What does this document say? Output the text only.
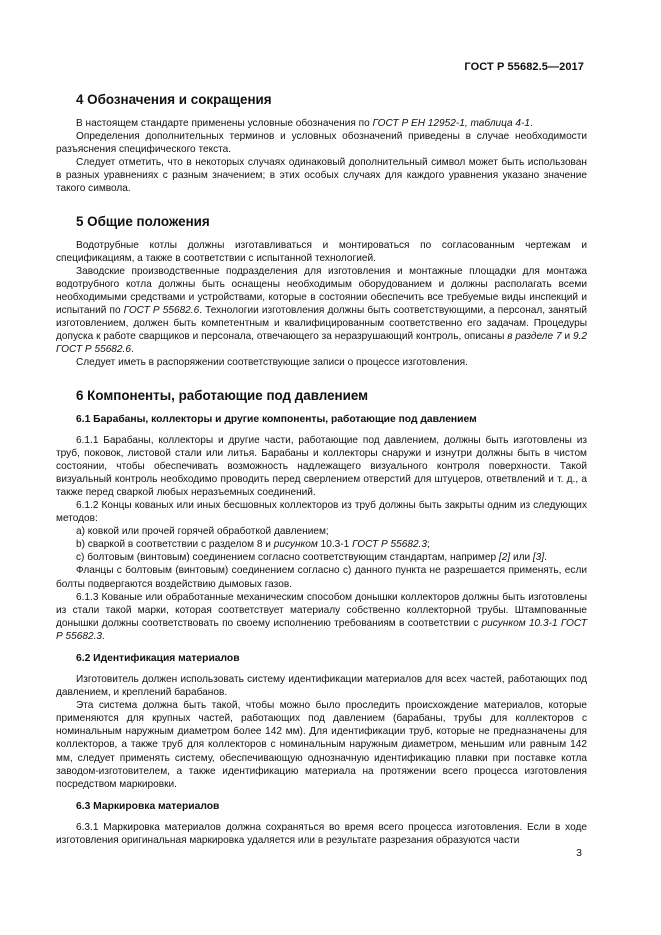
ГОСТ Р 55682.5—2017
4 Обозначения и сокращения

В настоящем стандарте применены условные обозначения по ГОСТ Р ЕН 12952-1, таблица 4-1.

Определения дополнительных терминов и условных обозначений приведены в случае необходимости разъяснения специфического текста.

Следует отметить, что в некоторых случаях одинаковый дополнительный символ может быть использован в разных уравнениях с разным значением; в этих особых случаях для каждого уравнения указано значение такого символа.

5 Общие положения

Водотрубные котлы должны изготавливаться и монтироваться по согласованным чертежам и спецификациям, а также в соответствии с испытанной технологией.

Заводские производственные подразделения для изготовления и монтажные площадки для монтажа водотрубного котла должны быть оснащены необходимым оборудованием и должны располагать всеми необходимыми средствами и устройствами, которые в состоянии обеспечить все требуемые виды инспекций и испытаний по ГОСТ Р 55682.6. Технологии изготовления должны быть соответствующими, а персонал, занятый изготовлением, должен быть компетентным и квалифицированным соответственно его задачам. Процедуры допуска к работе сварщиков и персонала, отвечающего за неразрушающий контроль, описаны в разделе 7 и 9.2 ГОСТ Р 55682.6.

Следует иметь в распоряжении соответствующие записи о процессе изготовления.

6 Компоненты, работающие под давлением
6.1 Барабаны, коллекторы и другие компоненты, работающие под давлением

6.1.1 Барабаны, коллекторы и другие части, работающие под давлением, должны быть изготовлены из труб, поковок, листовой стали или литья. Барабаны и коллекторы снаружи и изнутри должны быть в чистом состоянии, чтобы обеспечивать возможность надлежащего визуального контроля поверхности. Такой визуальный контроль необходимо проводить перед сверлением отверстий для штуцеров, ответвлений и т. д., а также перед сваркой любых неразъемных соединений.

6.1.2 Концы кованых или иных бесшовных коллекторов из труб должны быть закрыты одним из следующих методов:

a) ковкой или прочей горячей обработкой давлением;

b) сваркой в соответствии с разделом 8 и рисунком 10.3-1 ГОСТ Р 55682.3;

c) болтовым (винтовым) соединением согласно соответствующим стандартам, например [2] или [3].

Фланцы с болтовым (винтовым) соединением согласно с) данного пункта не разрешается применять, если болты подвергаются воздействию дымовых газов.

6.1.3 Кованые или обработанные механическим способом донышки коллекторов должны быть изготовлены из стали такой марки, которая соответствует материалу собственно коллекторной трубы. Штампованные донышки должны соответствовать по своему исполнению требованиям в соответствии с рисунком 10.3-1 ГОСТ Р 55682.3.

6.2 Идентификация материалов

Изготовитель должен использовать систему идентификации материалов для всех частей, работающих под давлением, и креплений барабанов.

Эта система должна быть такой, чтобы можно было проследить происхождение материалов, которые применяются для крупных частей, работающих под давлением (барабаны, трубы для коллекторов с номинальным наружным диаметром более 142 мм). Для идентификации труб, которые не предназначены для коллекторов, а также труб для коллекторов с номинальным наружным диаметром, меньшим или равным 142 мм, следует применять систему, обеспечивающую однозначную идентификацию плавки при поставке котла заводом-изготовителем, а также идентификацию материала на протяжении всего процесса изготовления посредством маркировки.

6.3 Маркировка материалов

6.3.1 Маркировка материалов должна сохраняться во время всего процесса изготовления. Если в ходе изготовления оригинальная маркировка удаляется или в результате разрезания образуются части

3
